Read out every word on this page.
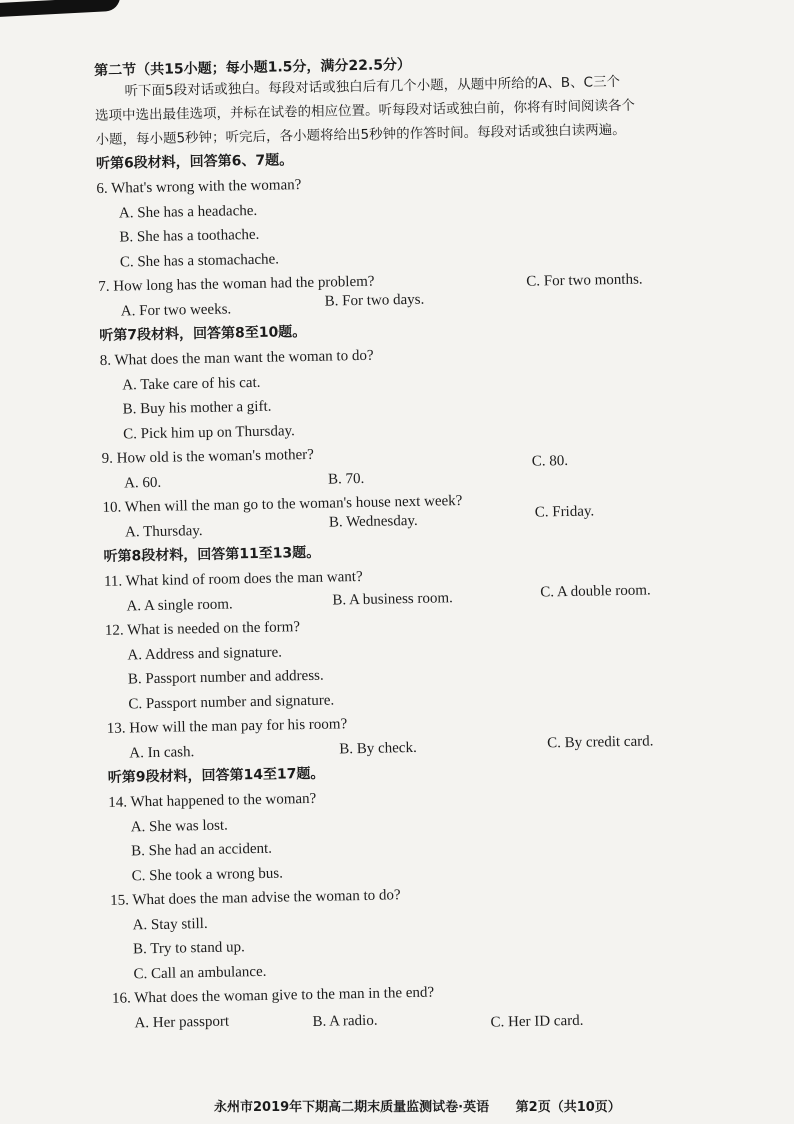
第二节（共15小题；每小题1.5分，满分22.5分）

听下面5段对话或独白。每段对话或独白后有几个小题，从题中所给的A、B、C三个
选项中选出最佳选项，并标在试卷的相应位置。听每段对话或独白前，你将有时间阅读各个
小题，每小题5秒钟；听完后，各小题将给出5秒钟的作答时间。每段对话或独白读两遍。

听第6段材料，回答第6、7题。

6. What's wrong with the woman?

A. She has a headache.

B. She has a toothache.

C. She has a stomachache.

7. How long has the woman had the problem?

A. For two weeks.
B. For two days.
C. For two months.

听第7段材料，回答第8至10题。

8. What does the man want the woman to do?

A. Take care of his cat.

B. Buy his mother a gift.

C. Pick him up on Thursday.

9. How old is the woman's mother?

A. 60.	B. 70.
C. 80.

10. When will the man go to the woman's house next week?

A. Thursday.
B. Wednesday.
C. Friday.

听第8段材料，回答第11至13题。

11. What kind of room does the man want?

A. A single room.	B. A business room.	C. A double room.

12. What is needed on the form?

A. Address and signature.

B. Passport number and address.

C. Passport number and signature.

13. How will the man pay for his room?

A. In cash.	B. By check.	C. By credit card.

听第9段材料，回答第14至17题。

14. What happened to the woman?

A. She was lost.

B. She had an accident.

C. She took a wrong bus.

15. What does the man advise the woman to do?

A. Stay still.

B. Try to stand up.

C. Call an ambulance.

16. What does the woman give to the man in the end?

A. Her passport	B. A radio.	C. Her ID card.
永州市2019年下期高二期末质量监测试卷·英语 第2页（共10页）
